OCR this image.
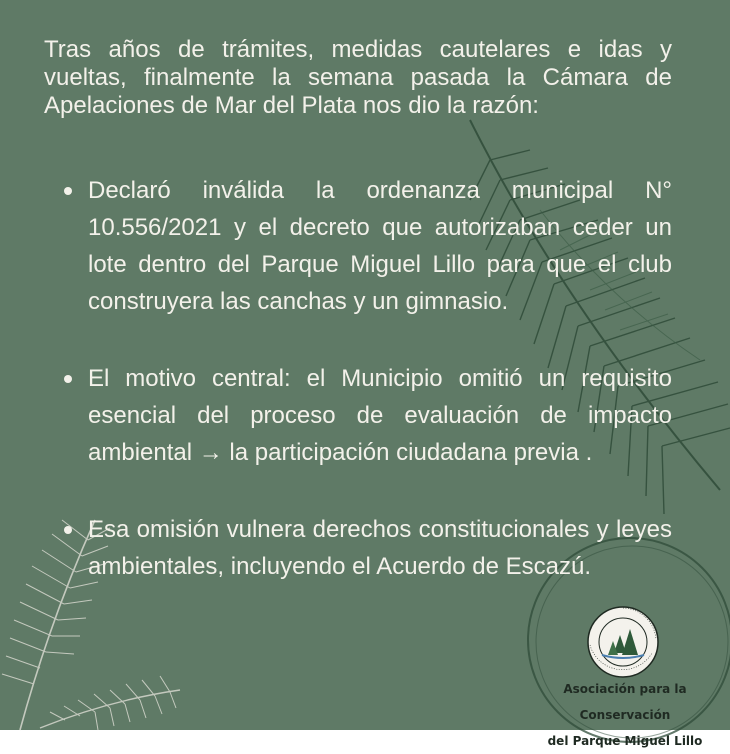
Tras años de trámites, medidas cautelares e idas y vueltas, finalmente la semana pasada la Cámara de Apelaciones de Mar del Plata nos dio la razón:
Declaró inválida la ordenanza municipal N° 10.556/2021 y el decreto que autorizaban ceder un lote dentro del Parque Miguel Lillo para que el club construyera las canchas y un gimnasio.
El motivo central: el Municipio omitió un requisito esencial del proceso de evaluación de impacto ambiental → la participación ciudadana previa .
Esa omisión vulnera derechos constitucionales y leyes ambientales, incluyendo el Acuerdo de Escazú.
Asociación para la Conservación
del Parque Miguel Lillo
